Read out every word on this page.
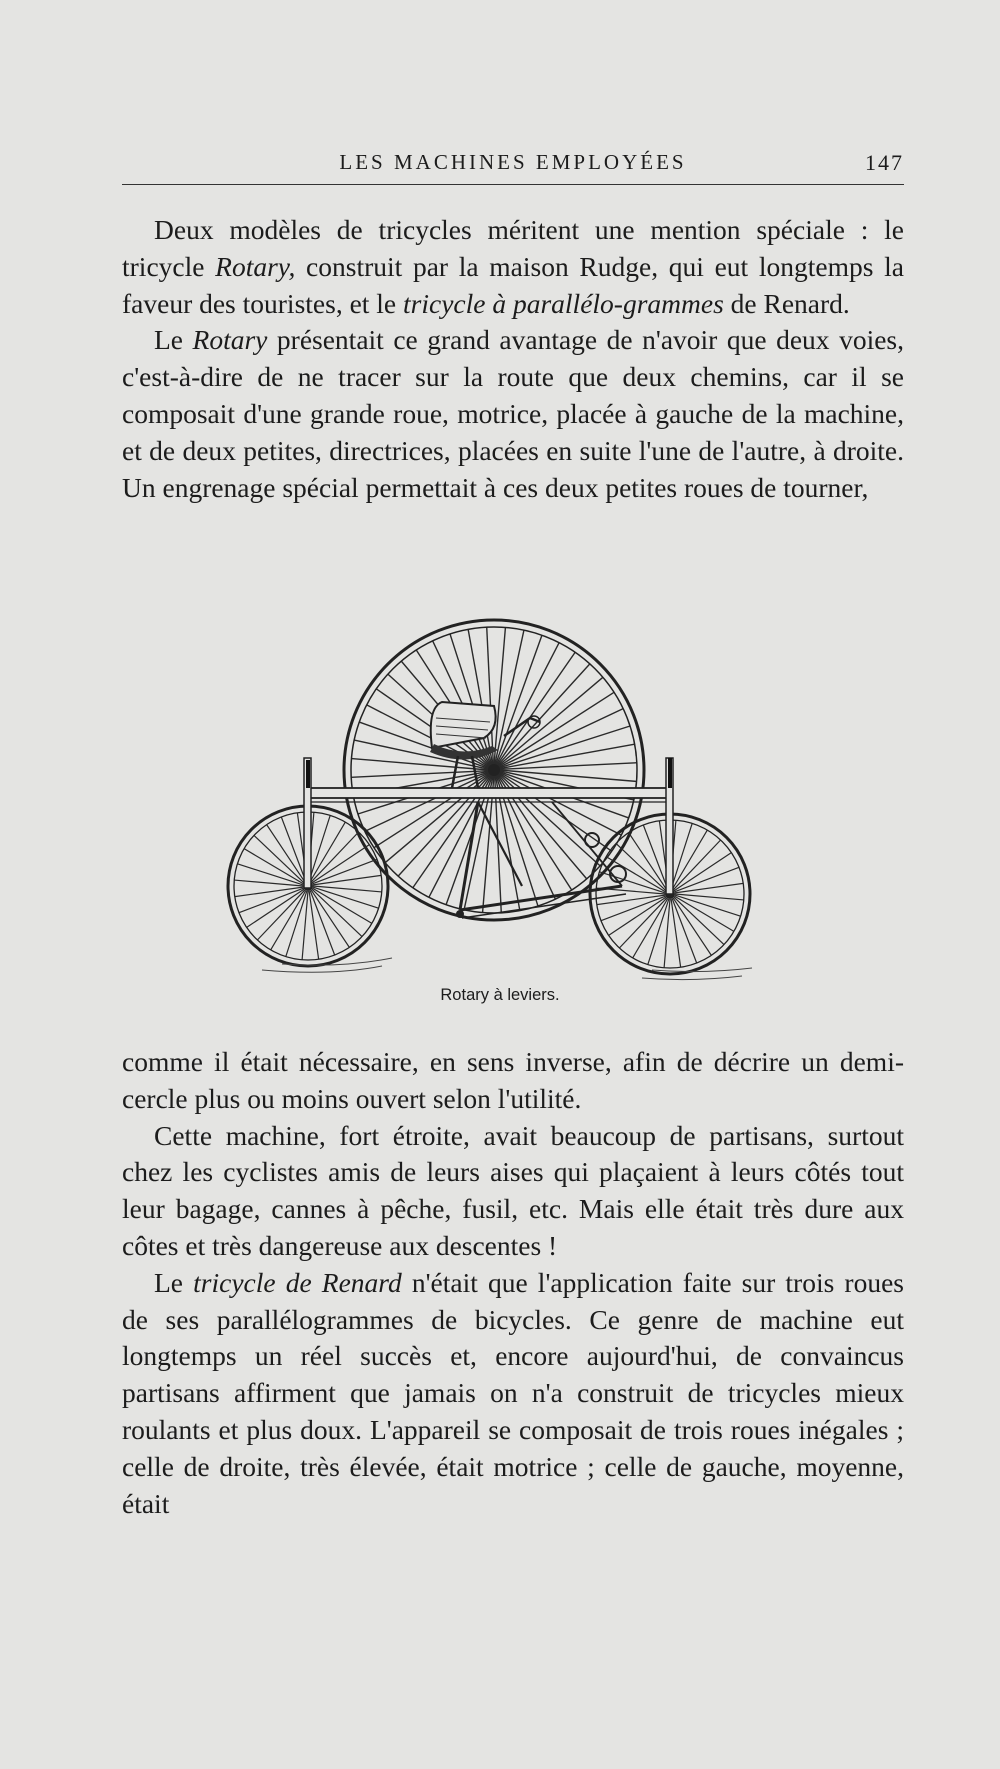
LES MACHINES EMPLOYÉES	147

Deux modèles de tricycles méritent une mention spéciale : le tricycle Rotary, construit par la maison Rudge, qui eut longtemps la faveur des touristes, et le tricycle à parallélo-grammes de Renard.

Le Rotary présentait ce grand avantage de n'avoir que deux voies, c'est-à-dire de ne tracer sur la route que deux chemins, car il se composait d'une grande roue, motrice, placée à gauche de la machine, et de deux petites, directrices, placées en suite l'une de l'autre, à droite. Un engrenage spécial permettait à ces deux petites roues de tourner,

Rotary à leviers.

comme il était nécessaire, en sens inverse, afin de décrire un demi-cercle plus ou moins ouvert selon l'utilité.

Cette machine, fort étroite, avait beaucoup de partisans, surtout chez les cyclistes amis de leurs aises qui plaçaient à leurs côtés tout leur bagage, cannes à pêche, fusil, etc. Mais elle était très dure aux côtes et très dangereuse aux descentes !

Le tricycle de Renard n'était que l'application faite sur trois roues de ses parallélogrammes de bicycles. Ce genre de machine eut longtemps un réel succès et, encore aujourd'hui, de convaincus partisans affirment que jamais on n'a construit de tricycles mieux roulants et plus doux. L'appareil se composait de trois roues inégales ; celle de droite, très élevée, était motrice ; celle de gauche, moyenne, était
